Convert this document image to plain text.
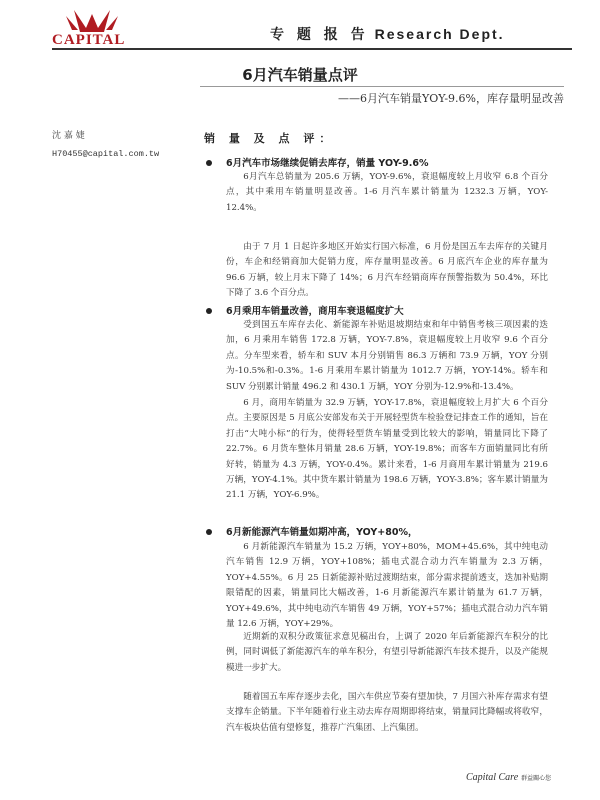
CAPITAL	专 题 报 告 Research Dept.
6月汽车销量点评
——6月汽车销量YOY-9.6%，库存量明显改善
沈 嘉 婕
H70455@capital.com.tw
销 量 及 点 评：
6月汽车市场继续促销去库存，销量 YOY-9.6%

6月汽车总销量为 205.6 万辆，YOY-9.6%，衰退幅度较上月收窄 6.8 个百分点，其中乘用车销量明显改善。1-6 月汽车累计销量为 1232.3 万辆，YOY-12.4%。

由于 7 月 1 日起许多地区开始实行国六标准，6 月份是国五车去库存的关键月份，车企和经销商加大促销力度，库存量明显改善。6 月底汽车企业的库存量为 96.6 万辆，较上月末下降了 14%；6 月汽车经销商库存预警指数为 50.4%，环比下降了 3.6 个百分点。

6月乘用车销量改善，商用车衰退幅度扩大

受到国五车库存去化、新能源车补贴退坡期结束和年中销售考核三项因素的迭加，6 月乘用车销售 172.8 万辆，YOY-7.8%，衰退幅度较上月收窄 9.6 个百分点。分车型来看，轿车和 SUV 本月分别销售 86.3 万辆和 73.9 万辆，YOY 分别为-10.5%和-0.3%。1-6 月乘用车累计销量为 1012.7 万辆，YOY-14%。轿车和 SUV 分别累计销量 496.2 和 430.1 万辆，YOY 分别为-12.9%和-13.4%。

6 月，商用车销量为 32.9 万辆，YOY-17.8%，衰退幅度较上月扩大 6 个百分点。主要原因是 5 月底公安部发布关于开展轻型货车检验登记排查工作的通知，旨在打击“大吨小标”的行为，使得轻型货车销量受到比较大的影响，销量同比下降了 22.7%。6 月货车整体月销量 28.6 万辆，YOY-19.8%；而客车方面销量同比有所好转，销量为 4.3 万辆，YOY-0.4%。累计来看，1-6 月商用车累计销量为 219.6 万辆，YOY-4.1%。其中货车累计销量为 198.6 万辆，YOY-3.8%；客车累计销量为 21.1 万辆，YOY-6.9%。

6月新能源汽车销量如期冲高，YOY+80%，

6 月新能源汽车销量为 15.2 万辆，YOY+80%，MOM+45.6%，其中纯电动汽车销售 12.9 万辆，YOY+108%；插电式混合动力汽车销量为 2.3 万辆，YOY+4.55%。6 月 25 日新能源补贴过渡期结束，部分需求提前透支，迭加补贴期限错配的因素，销量同比大幅改善，1-6 月新能源汽车累计销量为 61.7 万辆，YOY+49.6%，其中纯电动汽车销售 49 万辆，YOY+57%；插电式混合动力汽车销量 12.6 万辆，YOY+29%。

近期新的双积分政策征求意见稿出台，上调了 2020 年后新能源汽车积分的比例，同时调低了新能源汽车的单车积分，有望引导新能源汽车技术提升，以及产能规模进一步扩大。

随着国五车库存逐步去化，国六车供应节奏有望加快，7 月国六补库存需求有望支撑车企销量。下半年随着行业主动去库存周期即将结束，销量同比降幅或将收窄，汽车板块估值有望修复，推荐广汽集团、上汽集团。

Capital Care 群益關心您
